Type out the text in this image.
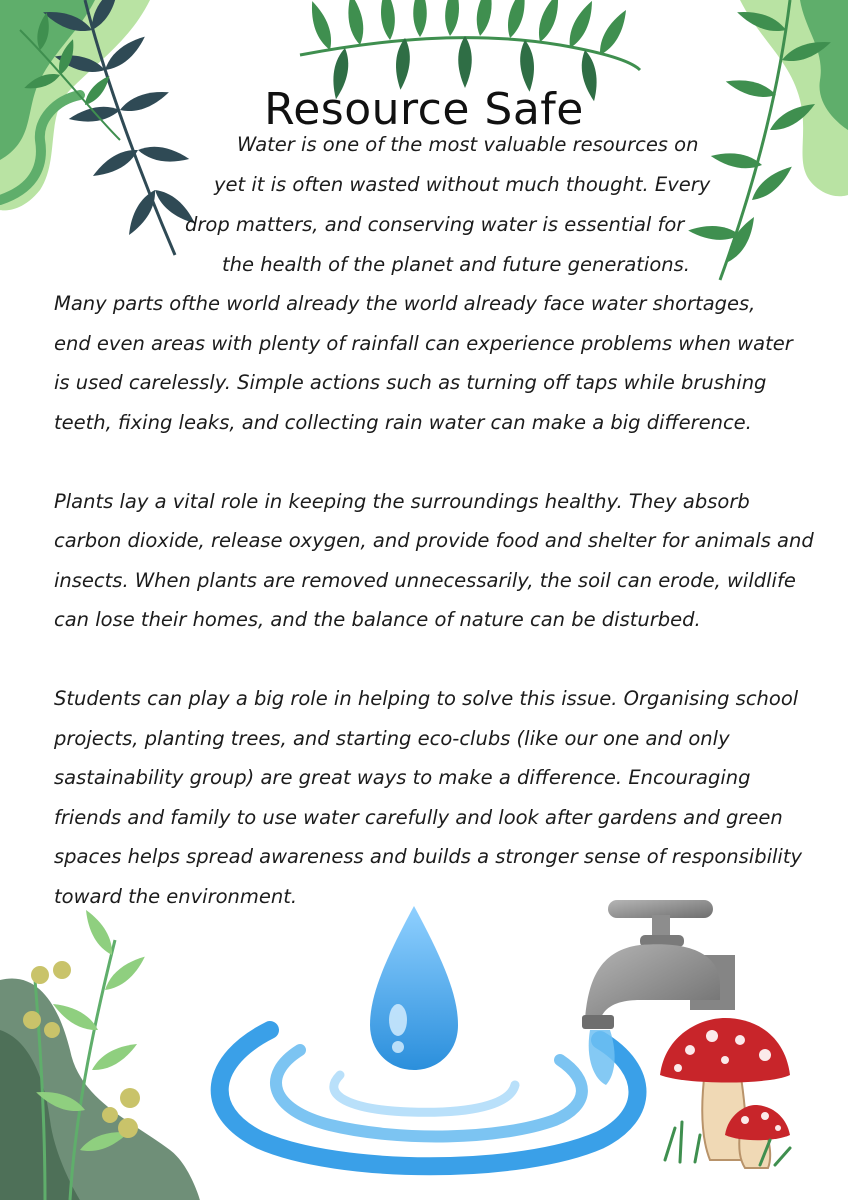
Resource Safe
Water is one of the most valuable resources on
yet it is often wasted without much thought. Every
drop matters, and conserving water is essential for
the health of the planet and future generations.
Many parts ofthe world already the world already face water shortages,
end even areas with plenty of rainfall can experience problems when water
is used carelessly. Simple actions such as turning off taps while brushing
teeth, fixing leaks, and collecting rain water can make a big difference.
Plants lay a vital role in keeping the surroundings healthy. They absorb
carbon dioxide, release oxygen, and provide food and shelter for animals and
insects. When plants are removed unnecessarily, the soil can erode, wildlife
can lose their homes, and the balance of nature can be disturbed.
Students can play a big role in helping to solve this issue. Organising school
projects, planting trees, and starting eco-clubs (like our one and only
sastainability group) are great ways to make a difference. Encouraging
friends and family to use water carefully and look after gardens and green
spaces helps spread awareness and builds a stronger sense of responsibility
toward the environment.
